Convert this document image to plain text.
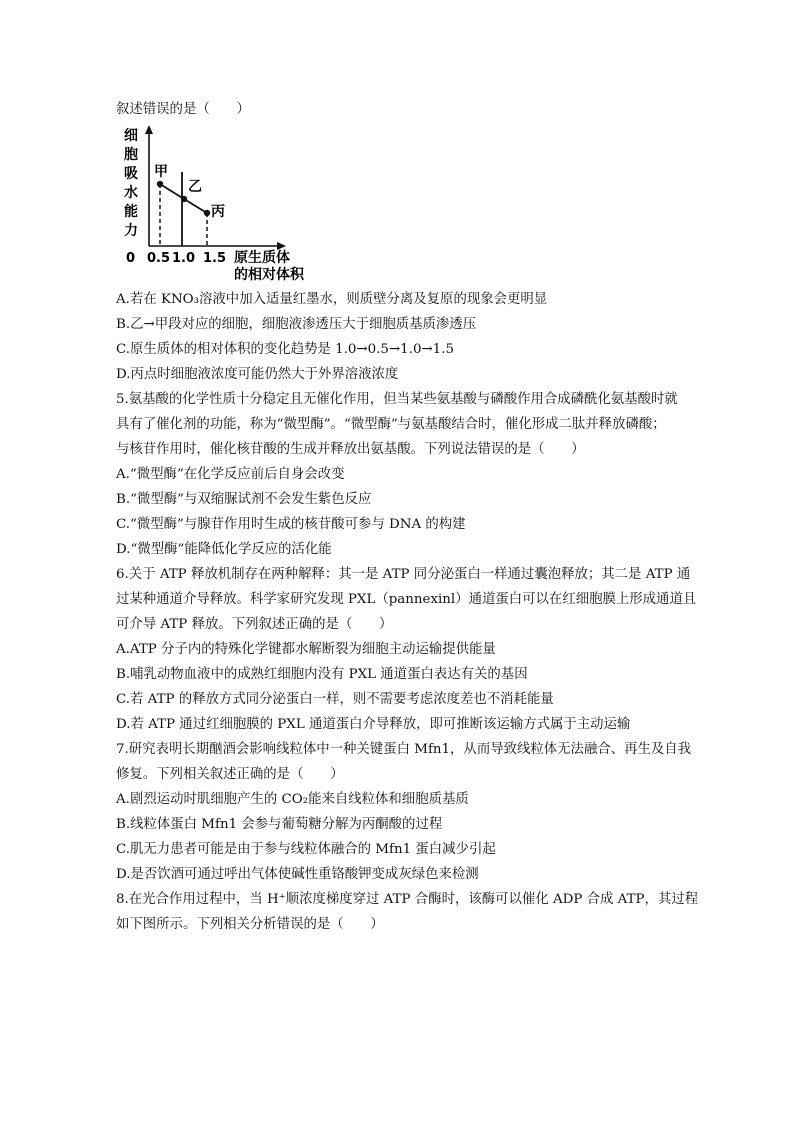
叙述错误的是（　　）
细
胞
吸
水
能
力
甲
乙
丙
0 0.5 1.0 1.5 原生质体
的相对体积
A.若在 KNO₃溶液中加入适量红墨水，则质壁分离及复原的现象会更明显
B.乙→甲段对应的细胞，细胞液渗透压大于细胞质基质渗透压
C.原生质体的相对体积的变化趋势是 1.0→0.5→1.0→1.5
D.丙点时细胞液浓度可能仍然大于外界溶液浓度
5.氨基酸的化学性质十分稳定且无催化作用，但当某些氨基酸与磷酸作用合成磷酰化氨基酸时就
具有了催化剂的功能，称为“微型酶”。“微型酶”与氨基酸结合时，催化形成二肽并释放磷酸；
与核苷作用时，催化核苷酸的生成并释放出氨基酸。下列说法错误的是（　　）
A.“微型酶”在化学反应前后自身会改变
B.“微型酶”与双缩脲试剂不会发生紫色反应
C.“微型酶”与腺苷作用时生成的核苷酸可参与 DNA 的构建
D.“微型酶”能降低化学反应的活化能
6.关于 ATP 释放机制存在两种解释：其一是 ATP 同分泌蛋白一样通过囊泡释放；其二是 ATP 通
过某种通道介导释放。科学家研究发现 PXL（pannexinl）通道蛋白可以在红细胞膜上形成通道且
可介导 ATP 释放。下列叙述正确的是（　　）
A.ATP 分子内的特殊化学键都水解断裂为细胞主动运输提供能量
B.哺乳动物血液中的成熟红细胞内没有 PXL 通道蛋白表达有关的基因
C.若 ATP 的释放方式同分泌蛋白一样，则不需要考虑浓度差也不消耗能量
D.若 ATP 通过红细胞膜的 PXL 通道蛋白介导释放，即可推断该运输方式属于主动运输
7.研究表明长期酗酒会影响线粒体中一种关键蛋白 Mfn1，从而导致线粒体无法融合、再生及自我
修复。下列相关叙述正确的是（　　）
A.剧烈运动时肌细胞产生的 CO₂能来自线粒体和细胞质基质
B.线粒体蛋白 Mfn1 会参与葡萄糖分解为丙酮酸的过程
C.肌无力患者可能是由于参与线粒体融合的 Mfn1 蛋白减少引起
D.是否饮酒可通过呼出气体使碱性重铬酸钾变成灰绿色来检测
8.在光合作用过程中，当 H⁺顺浓度梯度穿过 ATP 合酶时，该酶可以催化 ADP 合成 ATP，其过程
如下图所示。下列相关分析错误的是（　　）
